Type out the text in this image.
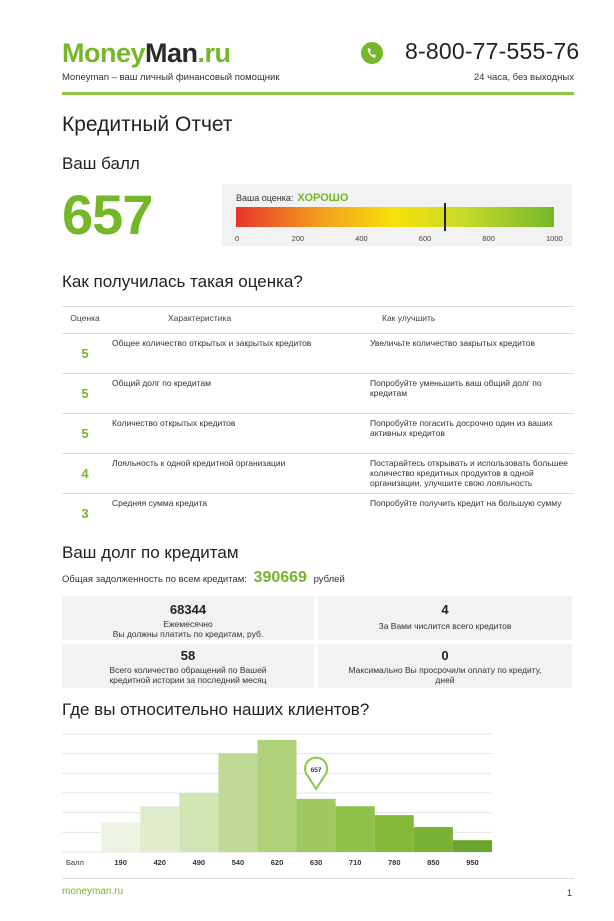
MoneyMan.ru
Moneyman – ваш личный финансовый помощник
8-800-77-555-76
24 часа, без выходных
Кредитный Отчет
Ваш балл
657	Ваша оценка: ХОРОШО
0	200	400	600	800	1000
Как получилась такая оценка?
Оценка	Характеристика	Как улучшить
5	Общее количество открытых и закрытых кредитов	Увеличьте количество закрытых кредитов
5	Общий долг по кредитам	Попробуйте уменьшить ваш общий долг по кредитам
5	Количество открытых кредитов	Попробуйте погасить досрочно один из ваших активных кредитов
4	Лояльность к одной кредитной организации	Постарайтесь открывать и использовать большее количество кредитных продуктов в одной организации, улучшите свою лояльность
3	Средняя сумма кредита	Попробуйте получить кредит на большую сумму
Ваш долг по кредитам
Общая задолженность по всем кредитам: 390669 рублей
68344
Ежемесячно
Вы должны платить по кредитам, руб.
4
За Вами числится всего кредитов
58
Всего количество обращений по Вашей
кредитной истории за последний месяц
0
Максимально Вы просрочили оплату по кредиту,
дней
Где вы относительно наших клиентов?
190	420	490	540	620	630	710	780	850	950
Балл
657
moneyman.ru	1
